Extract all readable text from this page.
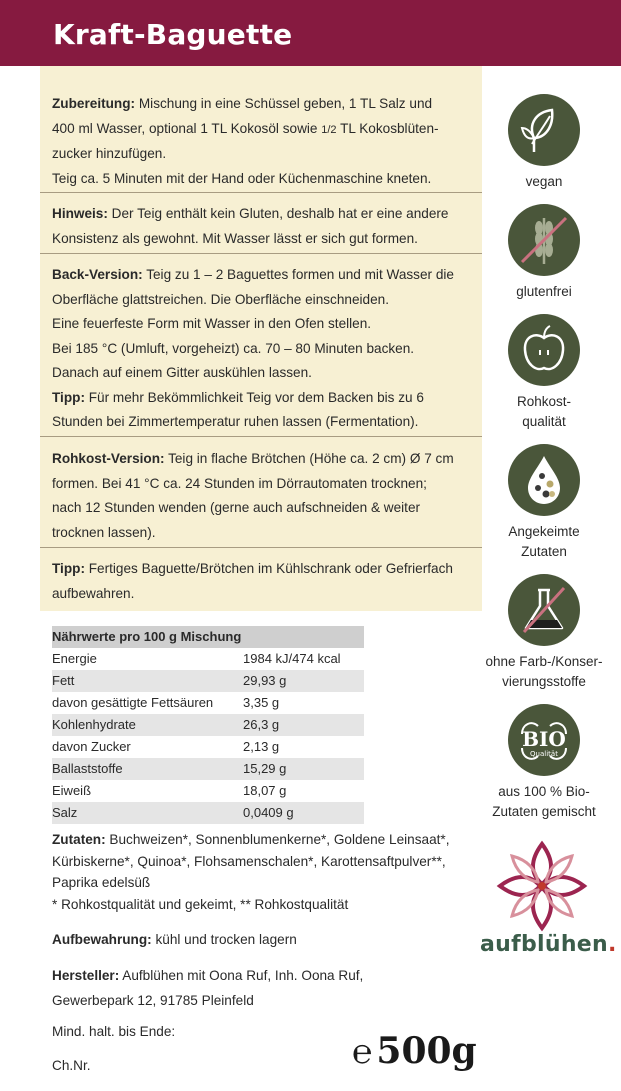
Kraft-Baguette
Zubereitung: Mischung in eine Schüssel geben, 1 TL Salz und
400 ml Wasser, optional 1 TL Kokosöl sowie 1/2 TL Kokosblüten-
zucker hinzufügen.
Teig ca. 5 Minuten mit der Hand oder Küchenmaschine kneten.
Hinweis: Der Teig enthält kein Gluten, deshalb hat er eine andere
Konsistenz als gewohnt. Mit Wasser lässt er sich gut formen.
Back-Version: Teig zu 1 – 2 Baguettes formen und mit Wasser die
Oberfläche glattstreichen. Die Oberfläche einschneiden.
Eine feuerfeste Form mit Wasser in den Ofen stellen.
Bei 185 °C (Umluft, vorgeheizt) ca. 70 – 80 Minuten backen.
Danach auf einem Gitter auskühlen lassen.
Tipp: Für mehr Bekömmlichkeit Teig vor dem Backen bis zu 6
Stunden bei Zimmertemperatur ruhen lassen (Fermentation).
Rohkost-Version: Teig in flache Brötchen (Höhe ca. 2 cm) Ø 7 cm
formen. Bei 41 °C ca. 24 Stunden im Dörrautomaten trocknen;
nach 12 Stunden wenden (gerne auch aufschneiden & weiter
trocknen lassen).
Tipp: Fertiges Baguette/Brötchen im Kühlschrank oder Gefrierfach
aufbewahren.
Nährwerte pro 100 g Mischung
Energie	1984 kJ/474 kcal
Fett	29,93 g
davon gesättigte Fettsäuren 3,35 g
Kohlenhydrate	26,3 g
davon Zucker	2,13 g
Ballaststoffe	15,29 g
Eiweiß	18,07 g
Salz	0,0409 g
Zutaten: Buchweizen*, Sonnenblumenkerne*, Goldene Leinsaat*,
Kürbiskerne*, Quinoa*, Flohsamenschalen*, Karottensaftpulver**,
Paprika edelsüß
* Rohkostqualität und gekeimt, ** Rohkostqualität
Aufbewahrung: kühl und trocken lagern
Hersteller: Aufblühen mit Oona Ruf, Inh. Oona Ruf,
Gewerbepark 12, 91785 Pleinfeld
Mind. halt. bis Ende:
Ch.Nr.
vegan
glutenfrei
Rohkost-
qualität
Angekeimte
Zutaten
ohne Farb-/Konser-
vierungsstoffe
BIO
Qualität
aus 100 % Bio-
Zutaten gemischt
aufblühen.
℮ 500g
